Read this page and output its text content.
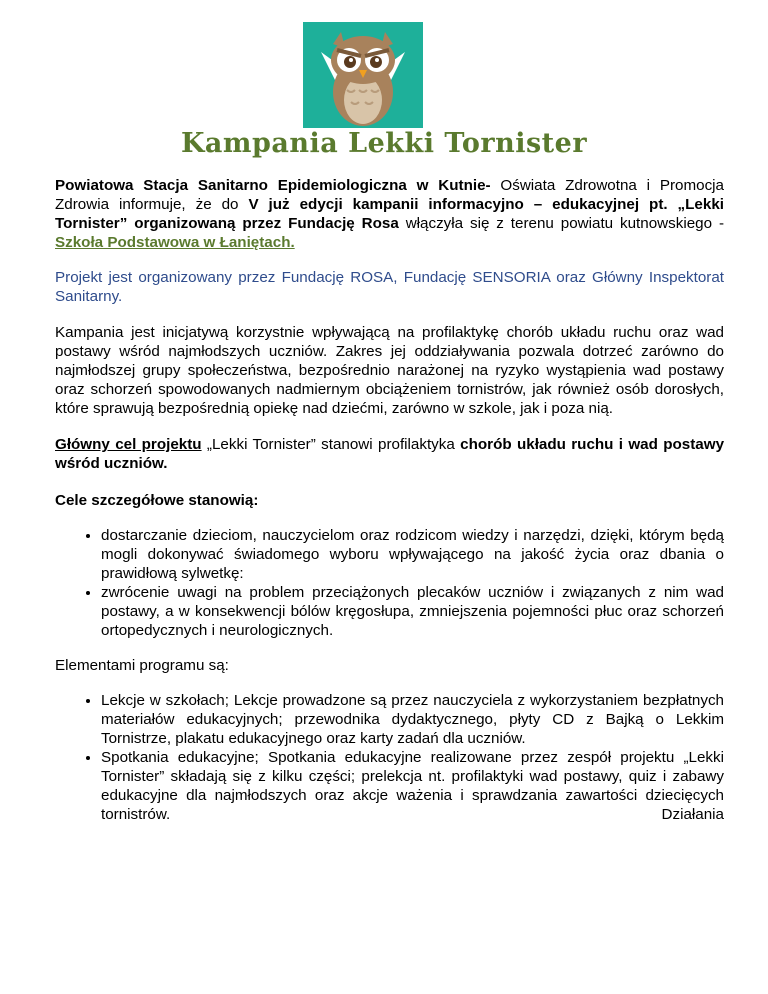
Kampania Lekki Tornister

Powiatowa Stacja Sanitarno Epidemiologiczna w Kutnie- Oświata Zdrowotna i Promocja Zdrowia informuje, że do V już edycji kampanii informacyjno – edukacyjnej pt. „Lekki Tornister” organizowaną przez Fundację Rosa włączyła się z terenu powiatu kutnowskiego - Szkoła Podstawowa w Łaniętach.

Projekt jest organizowany przez Fundację ROSA, Fundację SENSORIA oraz Główny Inspektorat Sanitarny.

Kampania jest inicjatywą korzystnie wpływającą na profilaktykę chorób układu ruchu oraz wad postawy wśród najmłodszych uczniów. Zakres jej oddziaływania pozwala dotrzeć zarówno do najmłodszej grupy społeczeństwa, bezpośrednio narażonej na ryzyko wystąpienia wad postawy oraz schorzeń spowodowanych nadmiernym obciążeniem tornistrów, jak również osób dorosłych, które sprawują bezpośrednią opiekę nad dziećmi, zarówno w szkole, jak i poza nią.

Główny cel projektu „Lekki Tornister” stanowi profilaktyka chorób układu ruchu i wad postawy wśród uczniów.

Cele szczegółowe stanowią:

• dostarczanie dzieciom, nauczycielom oraz rodzicom wiedzy i narzędzi, dzięki, którym będą mogli dokonywać świadomego wyboru wpływającego na jakość życia oraz dbania o prawidłową sylwetkę:
• zwrócenie uwagi na problem przeciążonych plecaków uczniów i związanych z nim wad postawy, a w konsekwencji bólów kręgosłupa, zmniejszenia pojemności płuc oraz schorzeń ortopedycznych i neurologicznych.

Elementami programu są:

• Lekcje w szkołach; Lekcje prowadzone są przez nauczyciela z wykorzystaniem bezpłatnych materiałów edukacyjnych; przewodnika dydaktycznego, płyty CD z Bajką o Lekkim Tornistrze, plakatu edukacyjnego oraz karty zadań dla uczniów.
• Spotkania edukacyjne; Spotkania edukacyjne realizowane przez zespół projektu „Lekki Tornister” składają się z kilku części; prelekcja nt. profilaktyki wad postawy, quiz i zabawy edukacyjne dla najmłodszych oraz akcje ważenia i sprawdzania zawartości dziecięcych tornistrów. Działania
